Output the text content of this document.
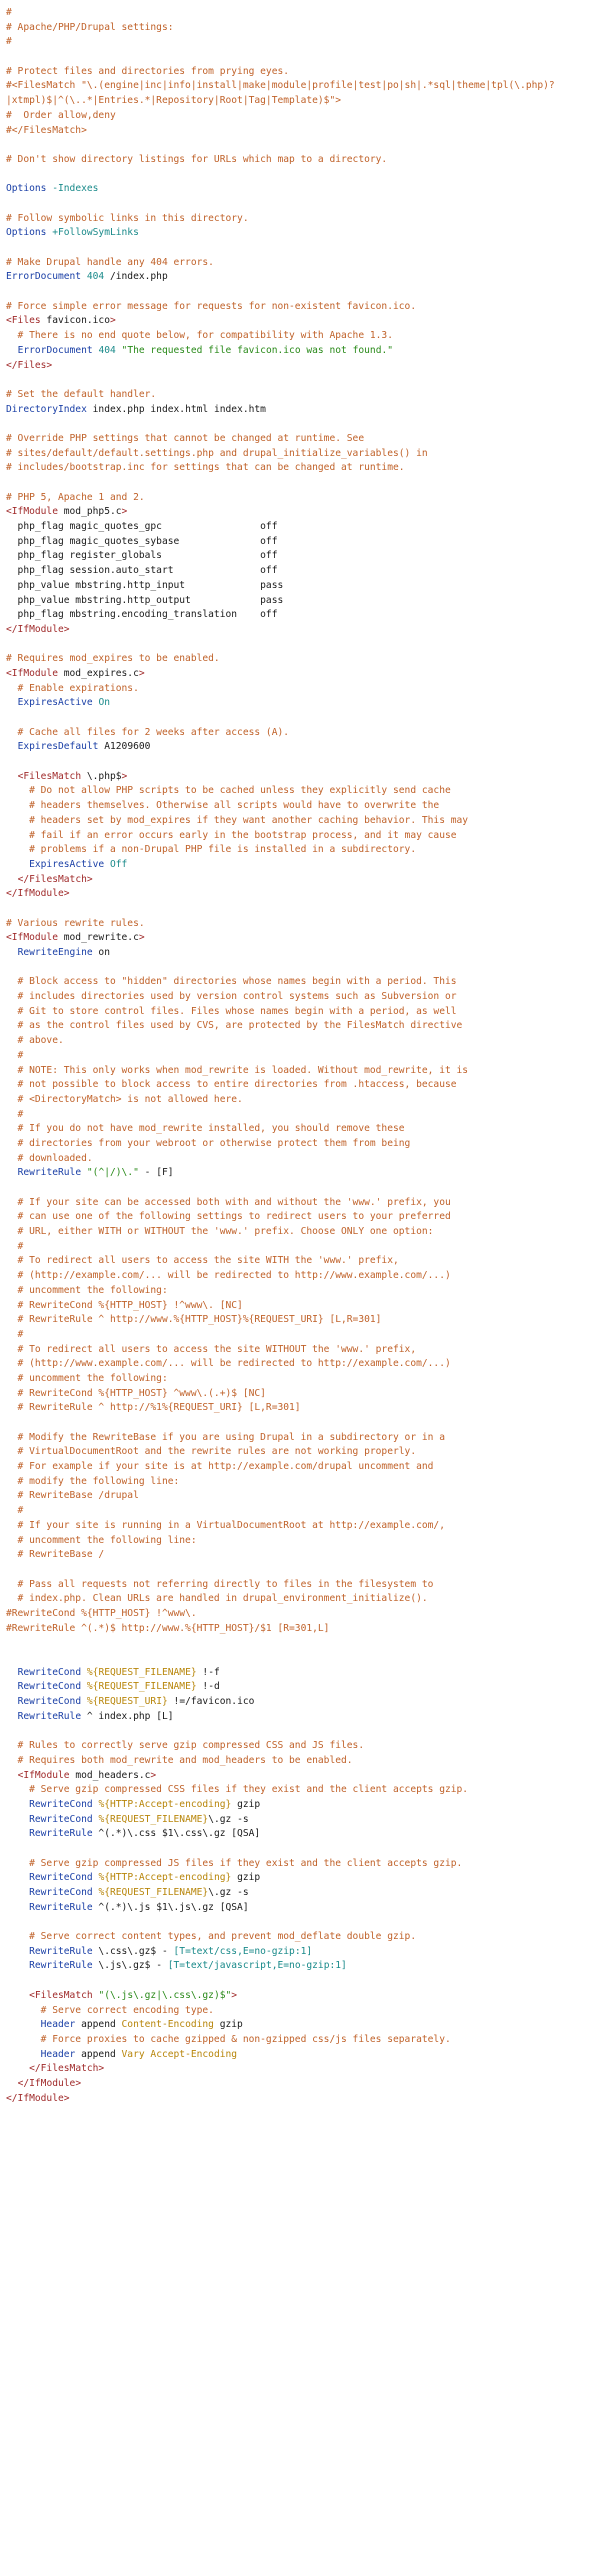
#
# Apache/PHP/Drupal settings:
#
# Protect files and directories from prying eyes.
#<FilesMatch "\.(engine|inc|info|install|make|module|profile|test|po|sh|.*sql|theme|tpl(\.php)?
|xtmpl)$|^(\..*|Entries.*|Repository|Root|Tag|Template)$">
#  Order allow,deny
#</FilesMatch>
# Don't show directory listings for URLs which map to a directory.
Options -Indexes
# Follow symbolic links in this directory.
Options +FollowSymLinks
# Make Drupal handle any 404 errors.
ErrorDocument 404 /index.php
# Force simple error message for requests for non-existent favicon.ico.
<Files favicon.ico>
# There is no end quote below, for compatibility with Apache 1.3.
ErrorDocument 404 "The requested file favicon.ico was not found."
</Files>
# Set the default handler.
DirectoryIndex index.php index.html index.htm
# Override PHP settings that cannot be changed at runtime. See
# sites/default/default.settings.php and drupal_initialize_variables() in
# includes/bootstrap.inc for settings that can be changed at runtime.
# PHP 5, Apache 1 and 2.
<IfModule mod_php5.c>
php_flag magic_quotes_gpc                 off
php_flag magic_quotes_sybase              off
php_flag register_globals                 off
php_flag session.auto_start               off
php_value mbstring.http_input             pass
php_value mbstring.http_output            pass
php_flag mbstring.encoding_translation    off
</IfModule>
# Requires mod_expires to be enabled.
<IfModule mod_expires.c>
# Enable expirations.
ExpiresActive On
# Cache all files for 2 weeks after access (A).
ExpiresDefault A1209600
<FilesMatch \.php$>
# Do not allow PHP scripts to be cached unless they explicitly send cache
# headers themselves. Otherwise all scripts would have to overwrite the
# headers set by mod_expires if they want another caching behavior. This may
# fail if an error occurs early in the bootstrap process, and it may cause
# problems if a non-Drupal PHP file is installed in a subdirectory.
ExpiresActive Off
</FilesMatch>
</IfModule>
# Various rewrite rules.
<IfModule mod_rewrite.c>
RewriteEngine on
# Block access to "hidden" directories whose names begin with a period. This
# includes directories used by version control systems such as Subversion or
# Git to store control files. Files whose names begin with a period, as well
# as the control files used by CVS, are protected by the FilesMatch directive
# above.
#
# NOTE: This only works when mod_rewrite is loaded. Without mod_rewrite, it is
# not possible to block access to entire directories from .htaccess, because
# <DirectoryMatch> is not allowed here.
#
# If you do not have mod_rewrite installed, you should remove these
# directories from your webroot or otherwise protect them from being
# downloaded.
RewriteRule "(^|/)\." - [F]
# If your site can be accessed both with and without the 'www.' prefix, you
# can use one of the following settings to redirect users to your preferred
# URL, either WITH or WITHOUT the 'www.' prefix. Choose ONLY one option:
#
# To redirect all users to access the site WITH the 'www.' prefix,
# (http://example.com/... will be redirected to http://www.example.com/...)
# uncomment the following:
# RewriteCond %{HTTP_HOST} !^www\. [NC]
# RewriteRule ^ http://www.%{HTTP_HOST}%{REQUEST_URI} [L,R=301]
#
# To redirect all users to access the site WITHOUT the 'www.' prefix,
# (http://www.example.com/... will be redirected to http://example.com/...)
# uncomment the following:
# RewriteCond %{HTTP_HOST} ^www\.(.+)$ [NC]
# RewriteRule ^ http://%1%{REQUEST_URI} [L,R=301]
# Modify the RewriteBase if you are using Drupal in a subdirectory or in a
# VirtualDocumentRoot and the rewrite rules are not working properly.
# For example if your site is at http://example.com/drupal uncomment and
# modify the following line:
# RewriteBase /drupal
#
# If your site is running in a VirtualDocumentRoot at http://example.com/,
# uncomment the following line:
# RewriteBase /
# Pass all requests not referring directly to files in the filesystem to
# index.php. Clean URLs are handled in drupal_environment_initialize().
#RewriteCond %{HTTP_HOST} !^www\.
#RewriteRule ^(.*)$ http://www.%{HTTP_HOST}/$1 [R=301,L]
RewriteCond %{REQUEST_FILENAME} !-f
RewriteCond %{REQUEST_FILENAME} !-d
RewriteCond %{REQUEST_URI} !=/favicon.ico
RewriteRule ^ index.php [L]
# Rules to correctly serve gzip compressed CSS and JS files.
# Requires both mod_rewrite and mod_headers to be enabled.
<IfModule mod_headers.c>
# Serve gzip compressed CSS files if they exist and the client accepts gzip.
RewriteCond %{HTTP:Accept-encoding} gzip
RewriteCond %{REQUEST_FILENAME}\.gz -s
RewriteRule ^(.*)\.css $1\.css\.gz [QSA]
# Serve gzip compressed JS files if they exist and the client accepts gzip.
RewriteCond %{HTTP:Accept-encoding} gzip
RewriteCond %{REQUEST_FILENAME}\.gz -s
RewriteRule ^(.*)\.js $1\.js\.gz [QSA]
# Serve correct content types, and prevent mod_deflate double gzip.
RewriteRule \.css\.gz$ - [T=text/css,E=no-gzip:1]
RewriteRule \.js\.gz$ - [T=text/javascript,E=no-gzip:1]
<FilesMatch "(\.js\.gz|\.css\.gz)$">
# Serve correct encoding type.
Header append Content-Encoding gzip
# Force proxies to cache gzipped & non-gzipped css/js files separately.
Header append Vary Accept-Encoding
</FilesMatch>
</IfModule>
</IfModule>
